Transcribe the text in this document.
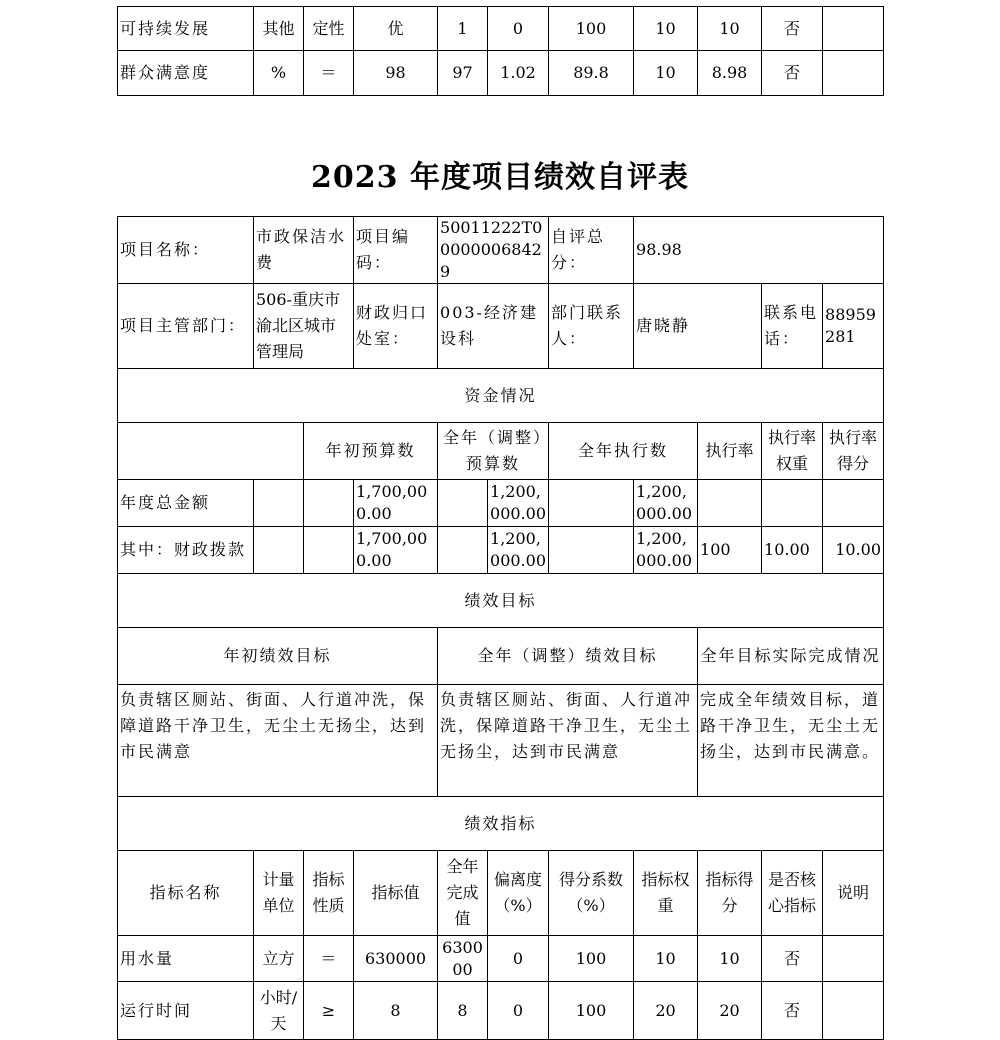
可持续发展	其他	定性	优	1	0	100	10	10	否	
群众满意度	%	＝	98	97	1.02	89.8	10	8.98	否	
2023 年度项目绩效自评表
项目名称：	市政保洁水费		项目编码：	50011222T000000068429		自评总分：	98.98			
项目主管部门：	506-重庆市渝北区城市管理局		财政归口处室：	003-经济建设科		部门联系人：	唐晓静		联系电话：	88959281
资金情况										
		年初预算数		全年（调整）预算数		全年执行数		执行率	执行率权重	执行率得分
年度总金额			1,700,000.00		1,200,000.00		1,200,000.00			
其中：财政拨款			1,700,000.00		1,200,000.00		1,200,000.00	100	10.00	10.00
绩效目标										
年初绩效目标				全年（调整）绩效目标				全年目标实际完成情况		
负责辖区厕站、街面、人行道冲洗，保障道路干净卫生，无尘土无扬尘，达到市民满意				负责辖区厕站、街面、人行道冲洗，保障道路干净卫生，无尘土无扬尘，达到市民满意				完成全年绩效目标，道路干净卫生，无尘土无扬尘，达到市民满意。		
绩效指标										
指标名称	计量单位	指标性质	指标值	全年完成值	偏离度（%）	得分系数（%）	指标权重	指标得分	是否核心指标	说明
用水量	立方	＝	630000	630000	0	100	10	10	否	
运行时间	小时/天	≥	8	8	0	100	20	20	否	
